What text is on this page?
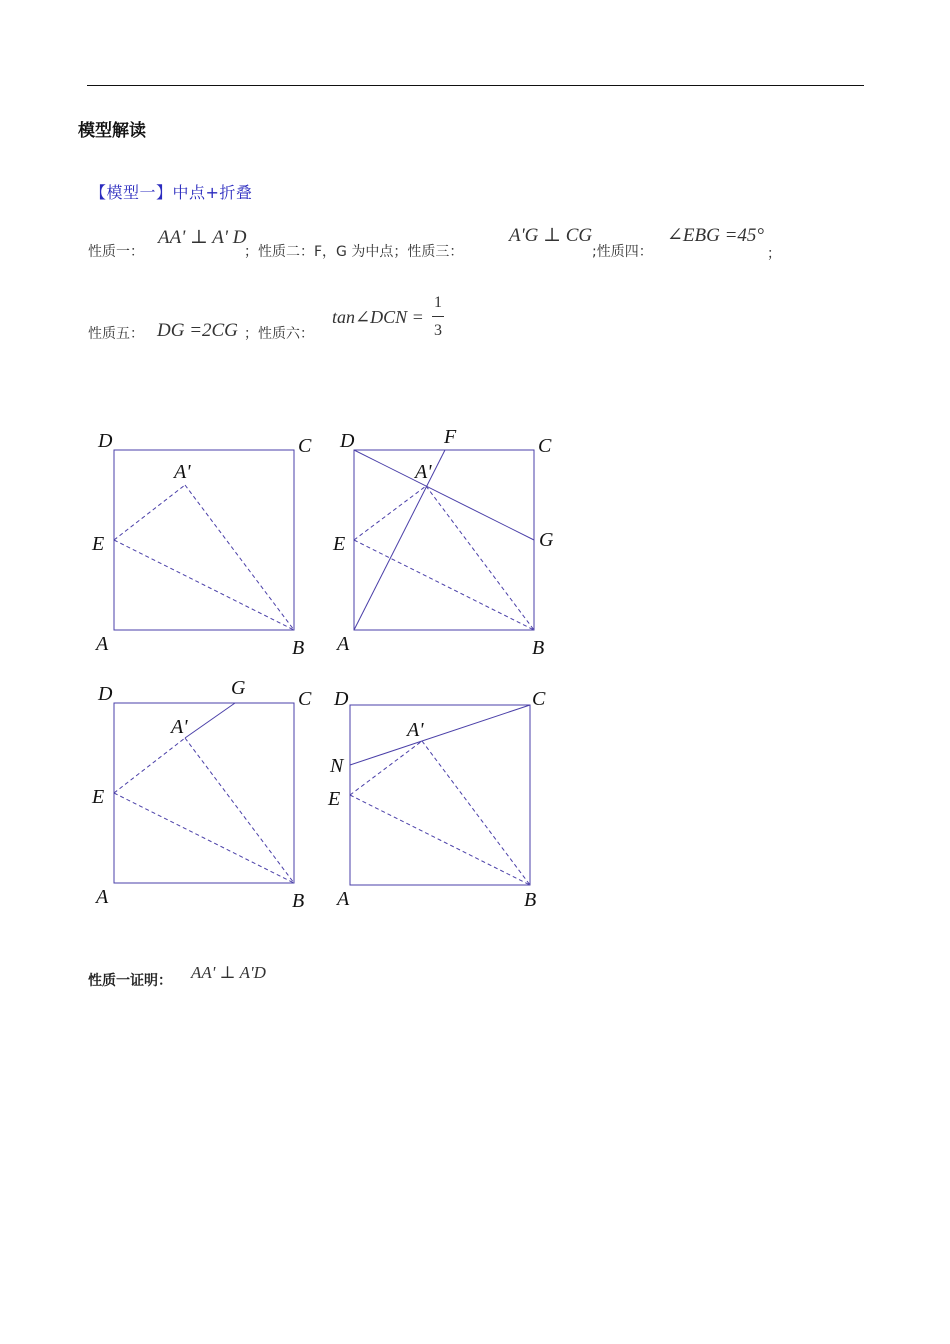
模型解读
【模型一】中点+折叠
性质一：
AA' ⊥ A' D
；性质二：F，G 为中点；性质三：
A'G ⊥ CG
;性质四：
∠EBG =45°
；
性质五： DG =2CG ；性质六：
tan∠DCN =
1
3
D	C
A'
E
A	B
D	F	C
A'
G
E
A	B
D	G	C
A'
E
A	B
D	C
A'
N
E
A	B
性质一证明： AA' ⊥ A'D
